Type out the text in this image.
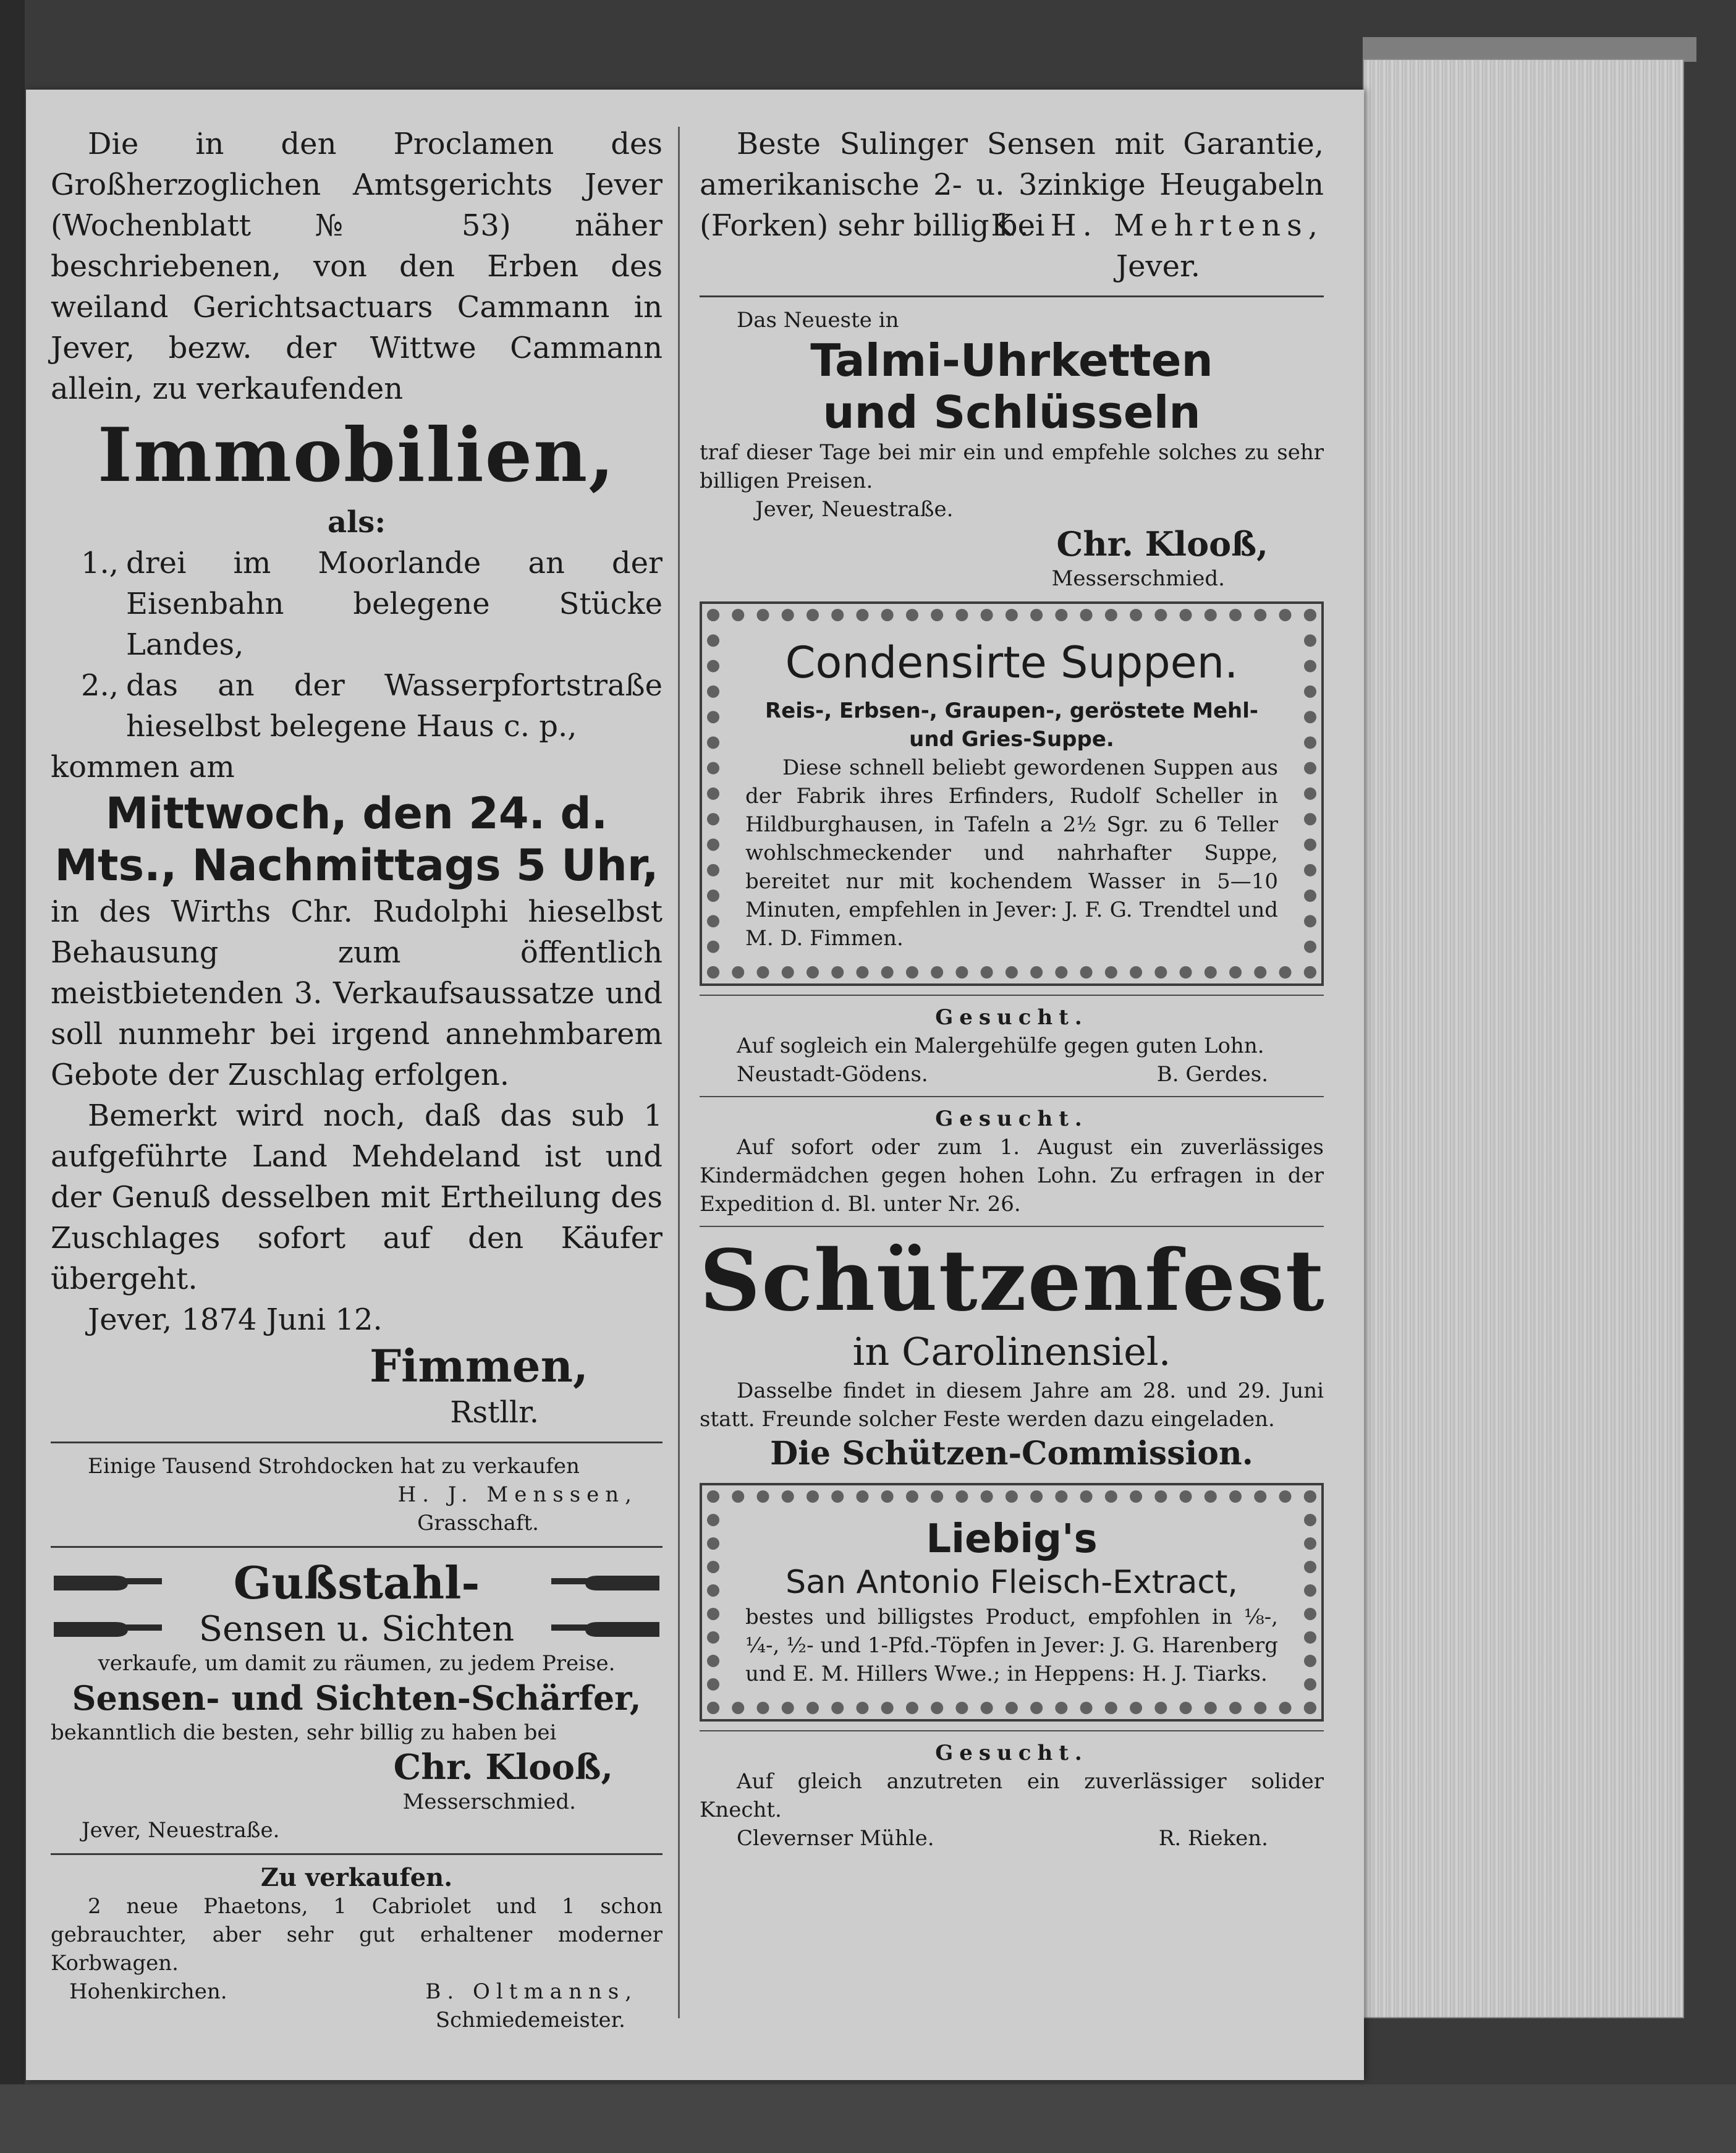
Die in den Proclamen des Großherzoglichen Amtsgerichts Jever (Wochenblatt № 53) näher beschriebenen, von den Erben des weiland Gerichtsactuars Cammann in Jever, bezw. der Wittwe Cammann allein, zu verkaufenden

Immobilien,

als:

1., drei im Moorlande an der Eisenbahn belegene Stücke Landes,
2., das an der Wasserpfortstraße hieselbst belegene Haus c. p.,

kommen am

Mittwoch, den 24. d. Mts., Nachmittags 5 Uhr,

in des Wirths Chr. Rudolphi hieselbst Behausung zum öffentlich meistbietenden 3. Verkaufsaussatze und soll nunmehr bei irgend annehmbarem Gebote der Zuschlag erfolgen.

Bemerkt wird noch, daß das sub 1 aufgeführte Land Mehdeland ist und der Genuß desselben mit Ertheilung des Zuschlages sofort auf den Käufer übergeht.

Jever, 1874 Juni 12.

Fimmen,

Rstllr.

Einige Tausend Strohdocken hat zu verkaufen

H. J. Menssen,

Grasschaft.

Gußstahl-
Sensen u. Sichten

verkaufe, um damit zu räumen, zu jedem Preise.

Sensen- und Sichten-Schärfer,

bekanntlich die besten, sehr billig zu haben bei

Chr. Klooß,

Messerschmied.

Jever, Neuestraße.

Zu verkaufen.

2 neue Phaetons, 1 Cabriolet und 1 schon gebrauchter, aber sehr gut erhaltener moderner Korbwagen.

Hohenkirchen.	B. Oltmanns,

Schmiedemeister.

Beste Sulinger Sensen mit Garantie, amerikanische 2- u. 3zinkige Heugabeln (Forken) sehr billig bei

K. H. Mehrtens,

Jever.

Das Neueste in

Talmi-Uhrketten

und Schlüsseln

traf dieser Tage bei mir ein und empfehle solches zu sehr billigen Preisen.

Jever, Neuestraße.

Chr. Klooß,

Messerschmied.

Condensirte Suppen.

Reis-, Erbsen-, Graupen-, geröstete Mehl- und Gries-Suppe.

Diese schnell beliebt gewordenen Suppen aus der Fabrik ihres Erfinders, Rudolf Scheller in Hildburghausen, in Tafeln a 2½ Sgr. zu 6 Teller wohlschmeckender und nahrhafter Suppe, bereitet nur mit kochendem Wasser in 5—10 Minuten, empfehlen in Jever: J. F. G. Trendtel und M. D. Fimmen.

Gesucht.

Auf sogleich ein Malergehülfe gegen guten Lohn.

Neustadt-Gödens.	B. Gerdes.

Gesucht.

Auf sofort oder zum 1. August ein zuverlässiges Kindermädchen gegen hohen Lohn. Zu erfragen in der Expedition d. Bl. unter Nr. 26.

Schützenfest

in Carolinensiel.

Dasselbe findet in diesem Jahre am 28. und 29. Juni statt. Freunde solcher Feste werden dazu eingeladen.

Die Schützen-Commission.

Liebig's

San Antonio Fleisch-Extract,

bestes und billigstes Product, empfohlen in ⅛-, ¼-, ½- und 1-Pfd.-Töpfen in Jever: J. G. Harenberg und E. M. Hillers Wwe.; in Heppens: H. J. Tiarks.

Gesucht.

Auf gleich anzutreten ein zuverlässiger solider Knecht.

Clevernser Mühle.	R. Rieken.
